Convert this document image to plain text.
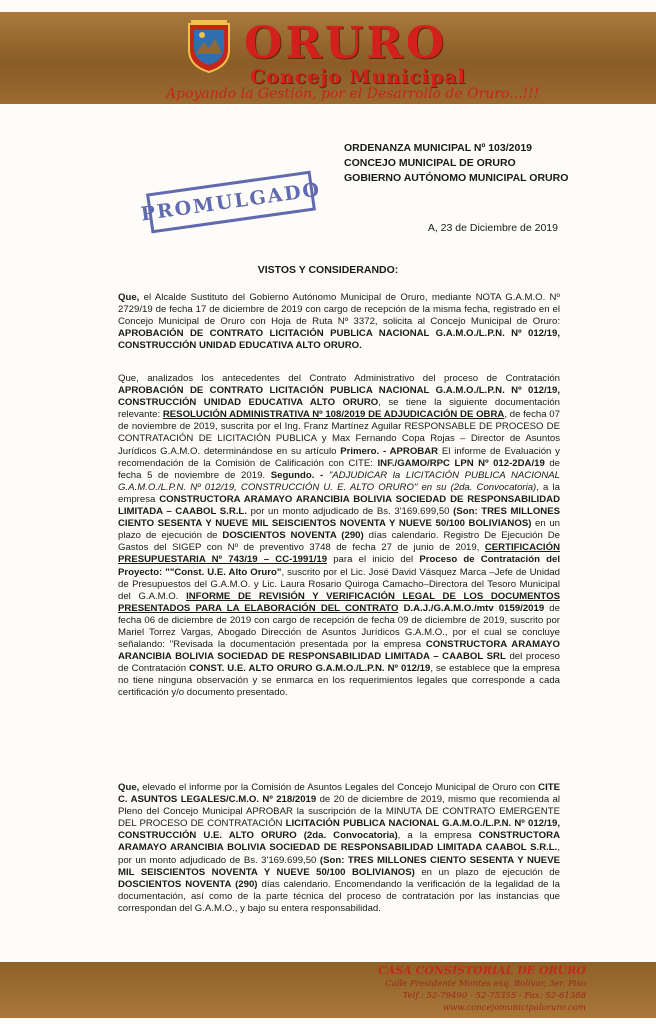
ORURO
Concejo Municipal
Apoyando la Gestión, por el Desarrollo de Oruro...!!!
ORDENANZA MUNICIPAL Nº 103/2019
CONCEJO MUNICIPAL DE ORURO
GOBIERNO AUTÓNOMO MUNICIPAL ORURO
PROMULGADO
A, 23 de Diciembre de 2019
VISTOS Y CONSIDERANDO:
Que, el Alcalde Sustituto del Gobierno Autónomo Municipal de Oruro, mediante NOTA G.A.M.O. Nº 2729/19 de fecha 17 de diciembre de 2019 con cargo de recepción de la misma fecha, registrado en el Concejo Municipal de Oruro con Hoja de Ruta Nº 3372, solicita al Concejo Municipal de Oruro: APROBACIÓN DE CONTRATO LICITACIÓN PUBLICA NACIONAL G.A.M.O./L.P.N. Nº 012/19, CONSTRUCCIÓN UNIDAD EDUCATIVA ALTO ORURO.
Que, analizados los antecedentes del Contrato Administrativo del proceso de Contratación APROBACIÓN DE CONTRATO LICITACIÓN PUBLICA NACIONAL G.A.M.O./L.P.N. Nº 012/19, CONSTRUCCIÓN UNIDAD EDUCATIVA ALTO ORURO, se tiene la siguiente documentación relevante: RESOLUCIÓN ADMINISTRATIVA Nº 108/2019 DE ADJUDICACIÓN DE OBRA, de fecha 07 de noviembre de 2019, suscrita por el Ing. Franz Martínez Aguilar RESPONSABLE DE PROCESO DE CONTRATACIÓN DE LICITACIÓN PUBLICA y Max Fernando Copa Rojas – Director de Asuntos Jurídicos G.A.M.O. determinándose en su artículo Primero. - APROBAR El informe de Evaluación y recomendación de la Comisión de Calificación con CITE: INF./GAMO/RPC LPN Nº 012-2DA/19 de fecha 5 de noviembre de 2019. Segundo. - "ADJUDICAR la LICITACIÓN PUBLICA NACIONAL G.A.M.O./L.P.N. Nº 012/19, CONSTRUCCIÓN U. E. ALTO ORURO" en su (2da. Convocatoria), a la empresa CONSTRUCTORA ARAMAYO ARANCIBIA BOLIVIA SOCIEDAD DE RESPONSABILIDAD LIMITADA – CAABOL S.R.L. por un monto adjudicado de Bs. 3'169.699,50 (Son: TRES MILLONES CIENTO SESENTA Y NUEVE MIL SEISCIENTOS NOVENTA Y NUEVE 50/100 BOLIVIANOS) en un plazo de ejecución de DOSCIENTOS NOVENTA (290) días calendario. Registro De Ejecución De Gastos del SIGEP con Nº de preventivo 3748 de fecha 27 de junio de 2019, CERTIFICACIÓN PRESUPUESTARIA Nº 743/19 – CC-1991/19 para el inicio del Proceso de Contratación del Proyecto: ""Const. U.E. Alto Oruro", suscrito por el Lic. José David Vásquez Marca –Jefe de Unidad de Presupuestos del G.A.M.O. y Lic. Laura Rosario Quiroga Camacho–Directora del Tesoro Municipal del G.A.M.O. INFORME DE REVISIÓN Y VERIFICACIÓN LEGAL DE LOS DOCUMENTOS PRESENTADOS PARA LA ELABORACIÓN DEL CONTRATO D.A.J./G.A.M.O./mtv 0159/2019 de fecha 06 de diciembre de 2019 con cargo de recepción de fecha 09 de diciembre de 2019, suscrito por Mariel Torrez Vargas, Abogado Dirección de Asuntos Jurídicos G.A.M.O., por el cual se concluye señalando: "Revisada la documentación presentada por la empresa CONSTRUCTORA ARAMAYO ARANCIBIA BOLIVIA SOCIEDAD DE RESPONSABILIDAD LIMITADA – CAABOL SRL del proceso de Contratación CONST. U.E. ALTO ORURO G.A.M.O./L.P.N. Nº 012/19, se establece que la empresa no tiene ninguna observación y se enmarca en los requerimientos legales que corresponde a cada certificación y/o documento presentado.
Que, elevado el informe por la Comisión de Asuntos Legales del Concejo Municipal de Oruro con CITE C. ASUNTOS LEGALES/C.M.O. Nº 218/2019 de 20 de diciembre de 2019, mismo que recomienda al Pleno del Concejo Municipal APROBAR la suscripción de la MINUTA DE CONTRATO EMERGENTE DEL PROCESO DE CONTRATACIÓN LICITACIÓN PUBLICA NACIONAL G.A.M.O./L.P.N. Nº 012/19, CONSTRUCCIÓN U.E. ALTO ORURO (2da. Convocatoria), a la empresa CONSTRUCTORA ARAMAYO ARANCIBIA BOLIVIA SOCIEDAD DE RESPONSABILIDAD LIMITADA CAABOL S.R.L., por un monto adjudicado de Bs. 3'169.699,50 (Son: TRES MILLONES CIENTO SESENTA Y NUEVE MIL SEISCIENTOS NOVENTA Y NUEVE 50/100 BOLIVIANOS) en un plazo de ejecución de DOSCIENTOS NOVENTA (290) días calendario. Encomendando la verificación de la legalidad de la documentación, así como de la parte técnica del proceso de contratación por las instancias que correspondan del G.A.M.O., y bajo su entera responsabilidad.
CASA CONSISTORIAL DE ORURO
Calle Presidente Montes esq. Bolívar, 3er. Piso
Telf.: 52-79490 - 52-75355 - Fax: 52-61388
www.concejomunicipaloruro.com
